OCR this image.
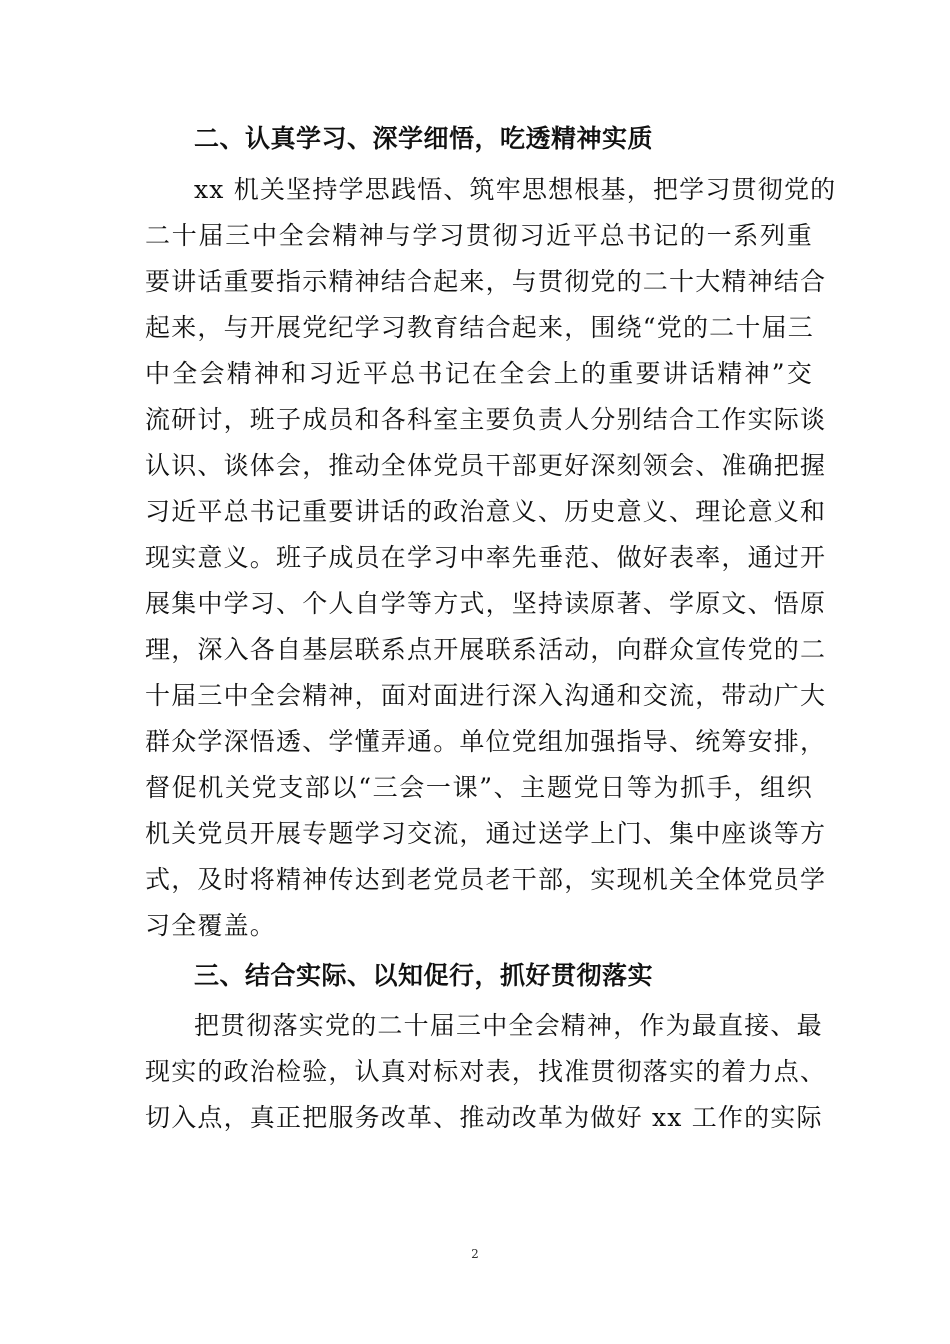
二、认真学习、深学细悟，吃透精神实质
xx 机关坚持学思践悟、筑牢思想根基，把学习贯彻党的
二十届三中全会精神与学习贯彻习近平总书记的一系列重
要讲话重要指示精神结合起来，与贯彻党的二十大精神结合
起来，与开展党纪学习教育结合起来，围绕“党的二十届三
中全会精神和习近平总书记在全会上的重要讲话精神”交
流研讨，班子成员和各科室主要负责人分别结合工作实际谈
认识、谈体会，推动全体党员干部更好深刻领会、准确把握
习近平总书记重要讲话的政治意义、历史意义、理论意义和
现实意义。班子成员在学习中率先垂范、做好表率，通过开
展集中学习、个人自学等方式，坚持读原著、学原文、悟原
理，深入各自基层联系点开展联系活动，向群众宣传党的二
十届三中全会精神，面对面进行深入沟通和交流，带动广大
群众学深悟透、学懂弄通。单位党组加强指导、统筹安排，
督促机关党支部以“三会一课”、主题党日等为抓手，组织
机关党员开展专题学习交流，通过送学上门、集中座谈等方
式，及时将精神传达到老党员老干部，实现机关全体党员学
习全覆盖。
三、结合实际、以知促行，抓好贯彻落实
把贯彻落实党的二十届三中全会精神，作为最直接、最
现实的政治检验，认真对标对表，找准贯彻落实的着力点、
切入点，真正把服务改革、推动改革为做好 xx 工作的实际
2
